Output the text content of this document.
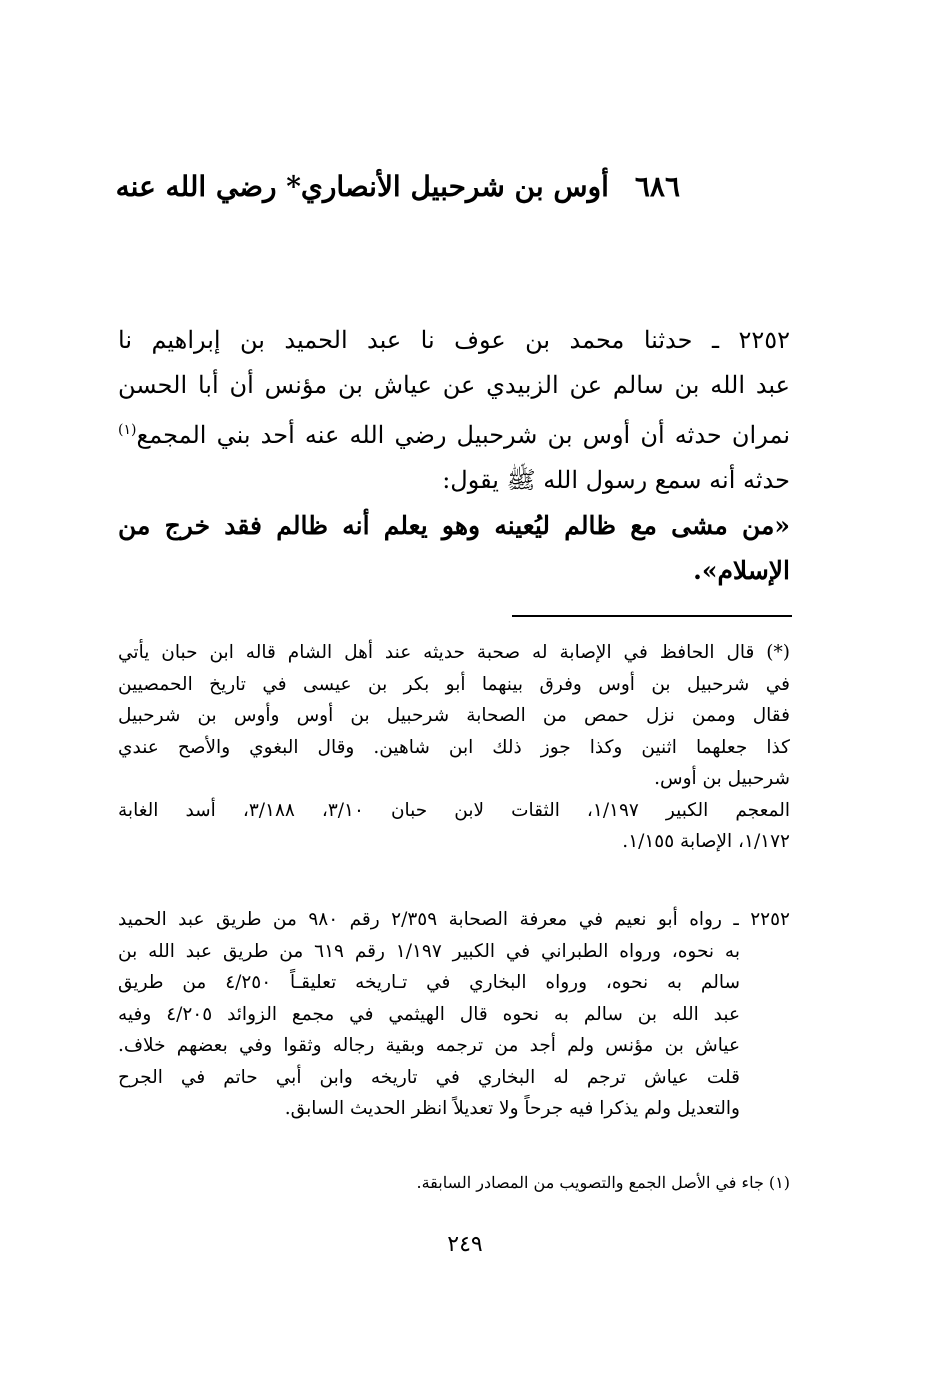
٦٨٦أوس بن شرحبيل الأنصاري* رضي الله عنه
٢٢٥٢ ـ حدثنا محمد بن عوف نا عبد الحميد بن إبراهيم نا
عبد الله بن سالم عن الزبيدي عن عياش بن مؤنس أن أبا الحسن
نمران حدثه أن أوس بن شرحبيل رضي الله عنه أحد بني المجمع$^{(١)}$
حدثه أنه سمع رسول الله ﷺ يقول:
«من مشى مع ظالم ليُعينه وهو يعلم أنه ظالم فقد خرج من
الإسلام».
(*) قال الحافظ في الإصابة له صحبة حديثه عند أهل الشام قاله ابن حبان يأتي
في شرحبيل بن أوس وفرق بينهما أبو بكر بن عيسى في تاريخ الحمصيين
فقال وممن نزل حمص من الصحابة شرحبيل بن أوس وأوس بن شرحبيل
كذا جعلهما اثنين وكذا جوز ذلك ابن شاهين. وقال البغوي والأصح عندي
شرحبيل بن أوس.
المعجم الكبير ١/١٩٧، الثقات لابن حبان ٣/١٠، ٣/١٨٨، أسد الغابة
١/١٧٢، الإصابة ١/١٥٥.
٢٢٥٢ ـ رواه أبو نعيم في معرفة الصحابة ٢/٣٥٩ رقم ٩٨٠ من طريق عبد الحميد
به نحوه، ورواه الطبراني في الكبير ١/١٩٧ رقم ٦١٩ من طريق عبد الله بن
سالم به نحوه، ورواه البخاري في تـاريخه تعليقـاً ٤/٢٥٠ من طريق
عبد الله بن سالم به نحوه قال الهيثمي في مجمع الزوائد ٤/٢٠٥ وفيه
عياش بن مؤنس ولم أجد من ترجمه وبقية رجاله وثقوا وفي بعضهم خلاف.
قلت عياش ترجم له البخاري في تاريخه وابن أبي حاتم في الجرح
والتعديل ولم يذكرا فيه جرحاً ولا تعديلاً انظر الحديث السابق.
(١) جاء في الأصل الجمع والتصويب من المصادر السابقة.
٢٤٩
